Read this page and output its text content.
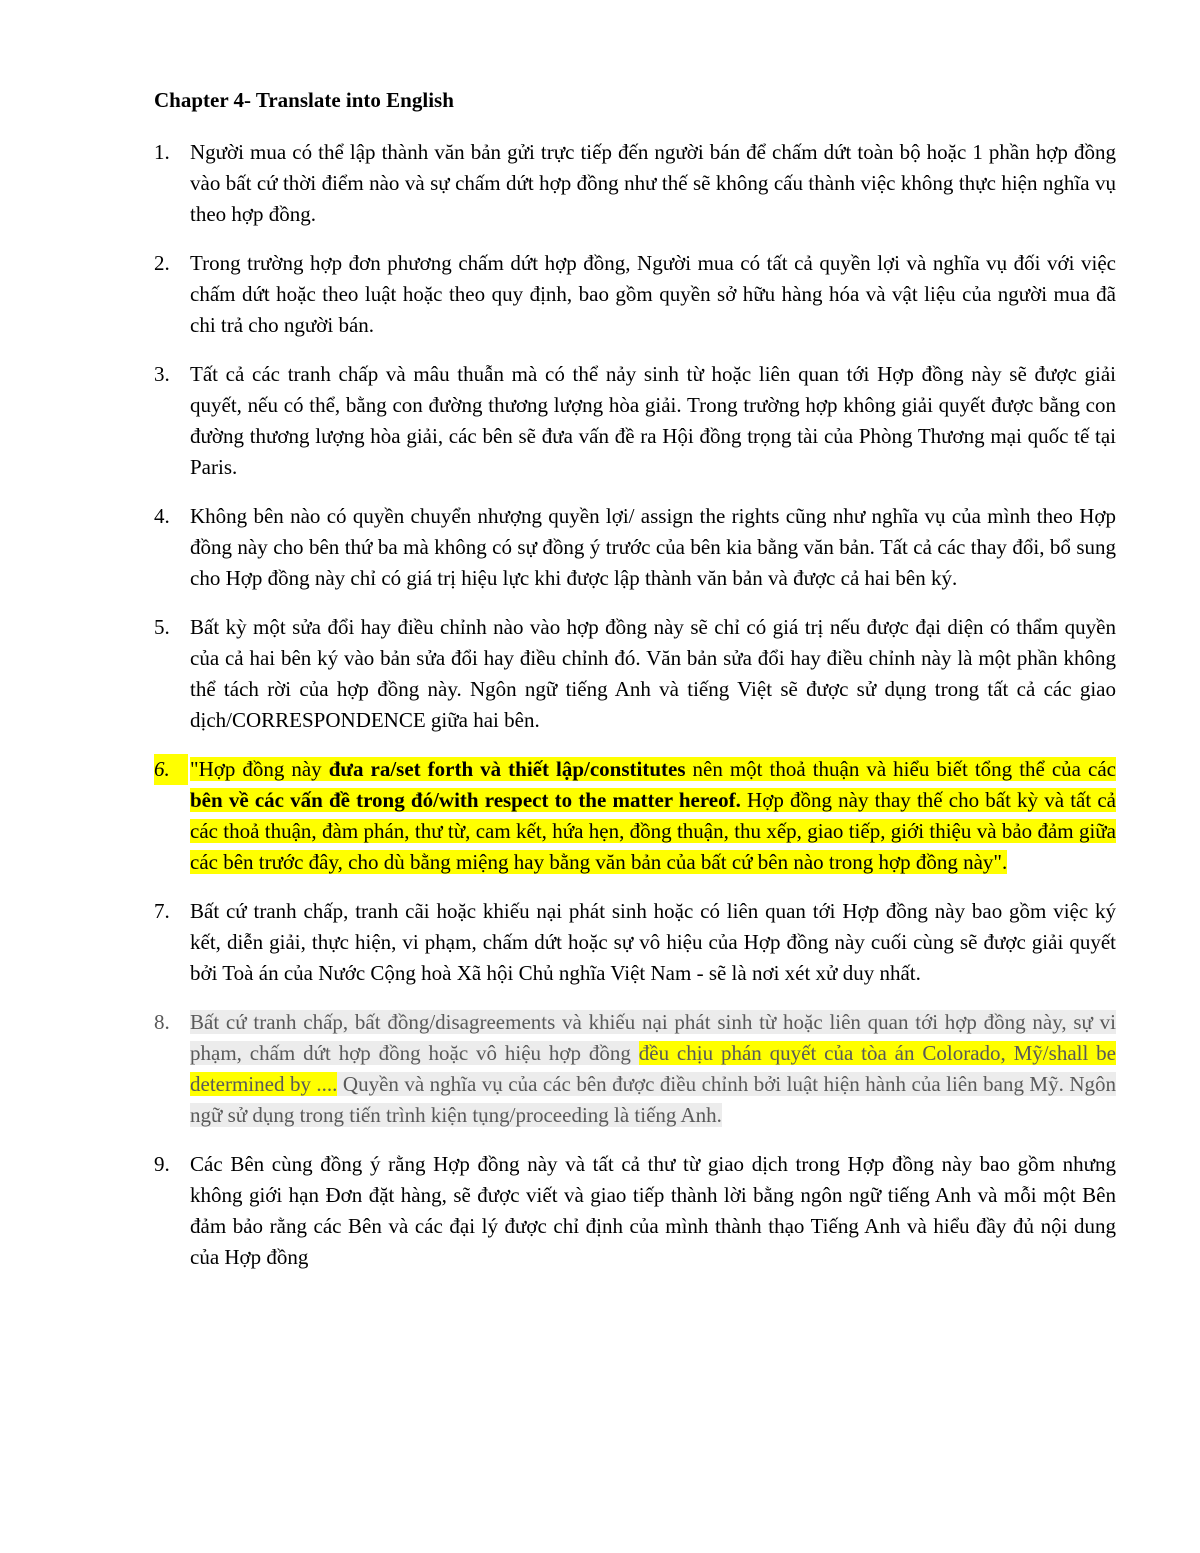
Chapter 4- Translate into English
1. Người mua có thể lập thành văn bản gửi trực tiếp đến người bán để chấm dứt toàn bộ hoặc 1 phần hợp đồng vào bất cứ thời điểm nào và sự chấm dứt hợp đồng như thế sẽ không cấu thành việc không thực hiện nghĩa vụ theo hợp đồng.
2. Trong trường hợp đơn phương chấm dứt hợp đồng, Người mua có tất cả quyền lợi và nghĩa vụ đối với việc chấm dứt hoặc theo luật hoặc theo quy định, bao gồm quyền sở hữu hàng hóa và vật liệu của người mua đã chi trả cho người bán.
3. Tất cả các tranh chấp và mâu thuẫn mà có thể nảy sinh từ hoặc liên quan tới Hợp đồng này sẽ được giải quyết, nếu có thể, bằng con đường thương lượng hòa giải. Trong trường hợp không giải quyết được bằng con đường thương lượng hòa giải, các bên sẽ đưa vấn đề ra Hội đồng trọng tài của Phòng Thương mại quốc tế tại Paris.
4. Không bên nào có quyền chuyển nhượng quyền lợi/ assign the rights cũng như nghĩa vụ của mình theo Hợp đồng này cho bên thứ ba mà không có sự đồng ý trước của bên kia bằng văn bản. Tất cả các thay đổi, bổ sung cho Hợp đồng này chỉ có giá trị hiệu lực khi được lập thành văn bản và được cả hai bên ký.
5. Bất kỳ một sửa đổi hay điều chỉnh nào vào hợp đồng này sẽ chỉ có giá trị nếu được đại diện có thẩm quyền của cả hai bên ký vào bản sửa đổi hay điều chỉnh đó. Văn bản sửa đổi hay điều chỉnh này là một phần không thể tách rời của hợp đồng này. Ngôn ngữ tiếng Anh và tiếng Việt sẽ được sử dụng trong tất cả các giao dịch/CORRESPONDENCE giữa hai bên.
6. "Hợp đồng này đưa ra/set forth và thiết lập/constitutes nên một thoả thuận và hiểu biết tổng thể của các bên về các vấn đề trong đó/with respect to the matter hereof. Hợp đồng này thay thế cho bất kỳ và tất cả các thoả thuận, đàm phán, thư từ, cam kết, hứa hẹn, đồng thuận, thu xếp, giao tiếp, giới thiệu và bảo đảm giữa các bên trước đây, cho dù bằng miệng hay bằng văn bản của bất cứ bên nào trong hợp đồng này".
7. Bất cứ tranh chấp, tranh cãi hoặc khiếu nại phát sinh hoặc có liên quan tới Hợp đồng này bao gồm việc ký kết, diễn giải, thực hiện, vi phạm, chấm dứt hoặc sự vô hiệu của Hợp đồng này cuối cùng sẽ được giải quyết bởi Toà án của Nước Cộng hoà Xã hội Chủ nghĩa Việt Nam - sẽ là nơi xét xử duy nhất.
8. Bất cứ tranh chấp, bất đồng/disagreements và khiếu nại phát sinh từ hoặc liên quan tới hợp đồng này, sự vi phạm, chấm dứt hợp đồng hoặc vô hiệu hợp đồng đều chịu phán quyết của tòa án Colorado, Mỹ/shall be determined by .... Quyền và nghĩa vụ của các bên được điều chỉnh bởi luật hiện hành của liên bang Mỹ. Ngôn ngữ sử dụng trong tiến trình kiện tụng/proceeding là tiếng Anh.
9. Các Bên cùng đồng ý rằng Hợp đồng này và tất cả thư từ giao dịch trong Hợp đồng này bao gồm nhưng không giới hạn Đơn đặt hàng, sẽ được viết và giao tiếp thành lời bằng ngôn ngữ tiếng Anh và mỗi một Bên đảm bảo rằng các Bên và các đại lý được chỉ định của mình thành thạo Tiếng Anh và hiểu đầy đủ nội dung của Hợp đồng
